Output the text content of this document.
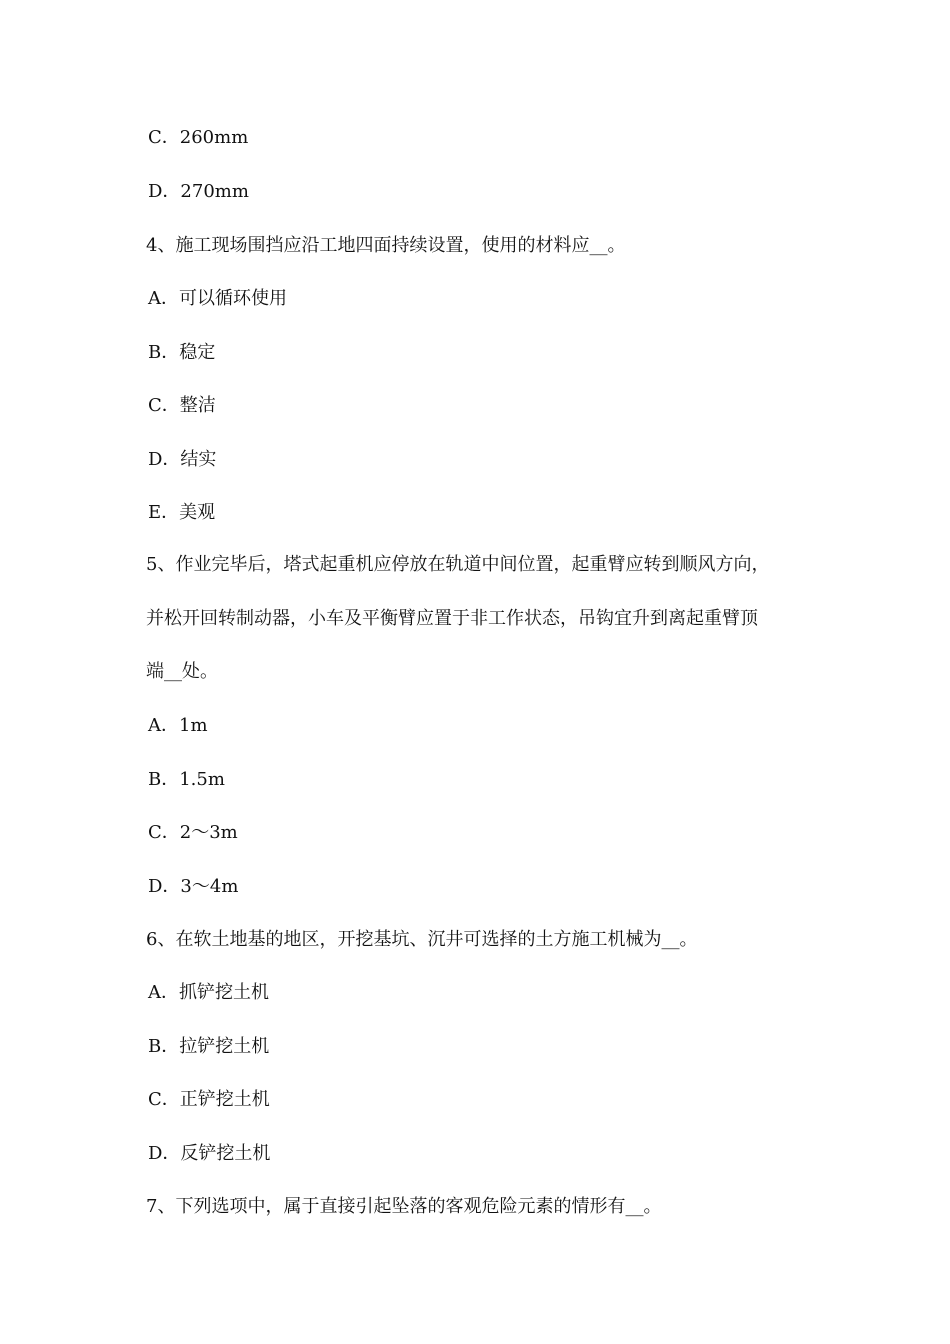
C．260mm
D．270mm
4、施工现场围挡应沿工地四面持续设置，使用的材料应__。
A．可以循环使用
B．稳定
C．整洁
D．结实
E．美观
5、作业完毕后，塔式起重机应停放在轨道中间位置，起重臂应转到顺风方向，
并松开回转制动器，小车及平衡臂应置于非工作状态，吊钩宜升到离起重臂顶
端__处。
A．1m
B．1.5m
C．2～3m
D．3～4m
6、在软土地基的地区，开挖基坑、沉井可选择的土方施工机械为__。
A．抓铲挖土机
B．拉铲挖土机
C．正铲挖土机
D．反铲挖土机
7、下列选项中，属于直接引起坠落的客观危险元素的情形有__。
